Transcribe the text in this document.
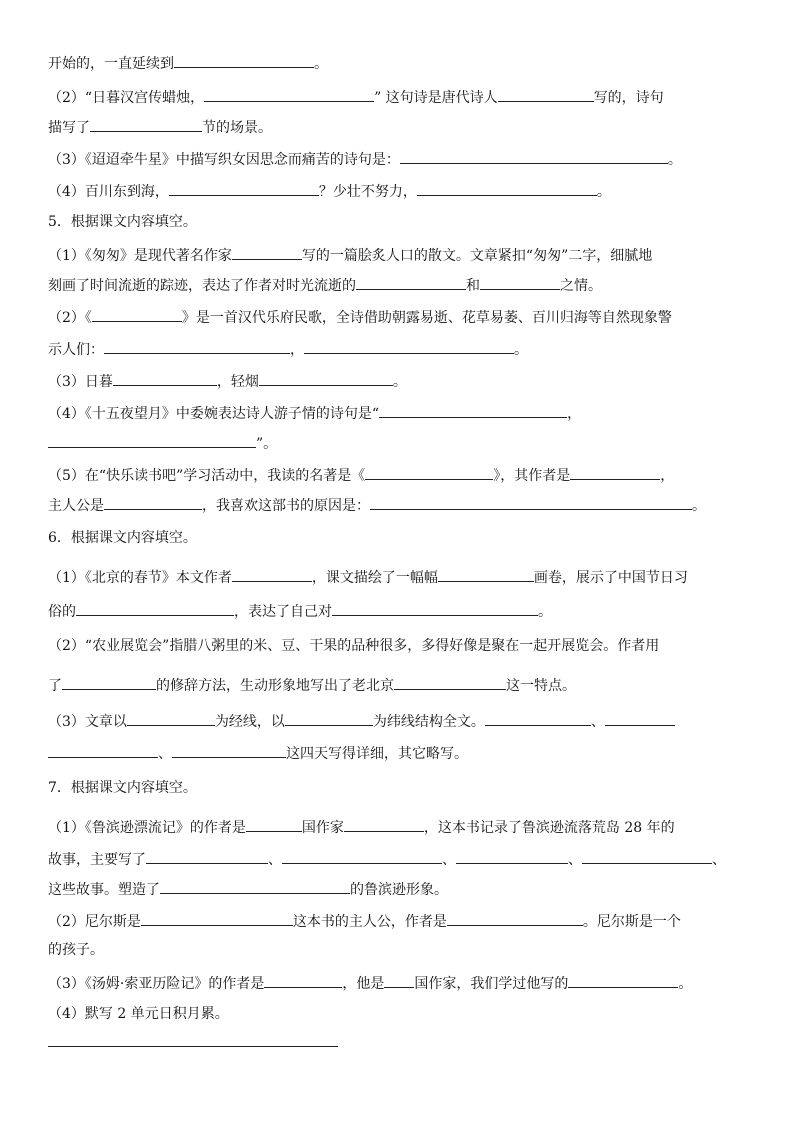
开始的，一直延续到	。
（2）“日暮汉宫传蜡烛，	” 这句诗是唐代诗人	写的，诗句
描写了	节的场景。
（3）《迢迢牵牛星》中描写织女因思念而痛苦的诗句是：	。
（4）百川东到海，	？少壮不努力，	。
5．根据课文内容填空。
（1）《匆匆》是现代著名作家	写的一篇脍炙人口的散文。文章紧扣“匆匆”二字，细腻地
刻画了时间流逝的踪迹，表达了作者对时光流逝的	和	之情。
（2）《	》是一首汉代乐府民歌，全诗借助朝露易逝、花草易萎、百川归海等自然现象警
示人们：	，	。
（3）日暮	，轻烟	。
（4）《十五夜望月》中委婉表达诗人游子情的诗句是“	，
”。
（5）在“快乐读书吧”学习活动中，我读的名著是《	》，其作者是	，
主人公是	，我喜欢这部书的原因是：	。
6．根据课文内容填空。
（1）《北京的春节》本文作者	，课文描绘了一幅幅	画卷，展示了中国节日习
俗的	，表达了自己对	。
（2）“农业展览会”指腊八粥里的米、豆、干果的品种很多，多得好像是聚在一起开展览会。作者用
了	的修辞方法，生动形象地写出了老北京	这一特点。
（3）文章以	为经线，以	为纬线结构全文。	、
、	这四天写得详细，其它略写。
7．根据课文内容填空。
（1）《鲁滨逊漂流记》的作者是	国作家	，这本书记录了鲁滨逊流落荒岛 28 年的
故事，主要写了	、	、	、	、
这些故事。塑造了	的鲁滨逊形象。
（2）尼尔斯是	这本书的主人公，作者是	。尼尔斯是一个
的孩子。
（3）《汤姆·索亚历险记》的作者是	，他是 国作家，我们学过他写的	。
（4）默写 2 单元日积月累。
